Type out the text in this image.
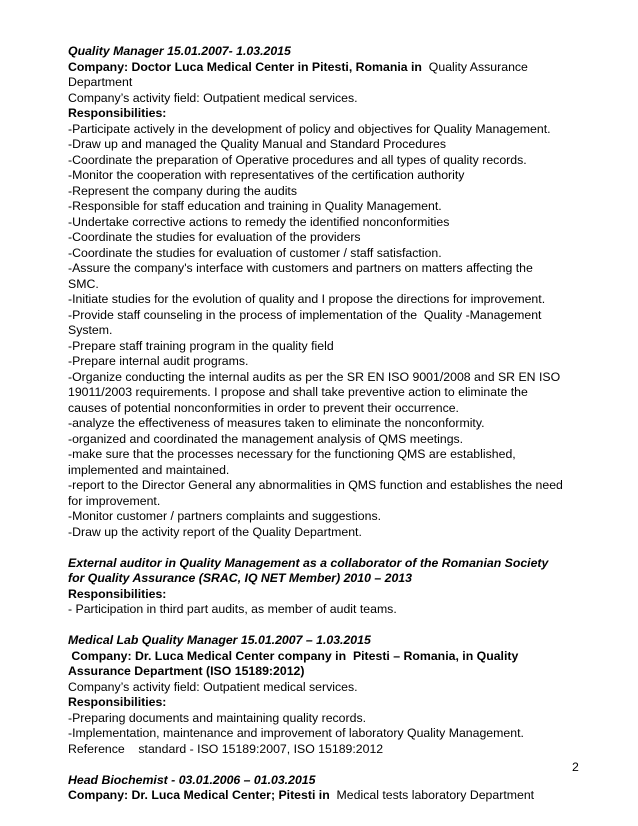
Quality Manager 15.01.2007- 1.03.2015
Company: Doctor Luca Medical Center in Pitesti, Romania in  Quality Assurance
Department
Company’s activity field: Outpatient medical services.
Responsibilities:
-Participate actively in the development of policy and objectives for Quality Management.
-Draw up and managed the Quality Manual and Standard Procedures
-Coordinate the preparation of Operative procedures and all types of quality records.
-Monitor the cooperation with representatives of the certification authority
-Represent the company during the audits
-Responsible for staff education and training in Quality Management.
-Undertake corrective actions to remedy the identified nonconformities
-Coordinate the studies for evaluation of the providers
-Coordinate the studies for evaluation of customer / staff satisfaction.
-Assure the company's interface with customers and partners on matters affecting the
SMC.
-Initiate studies for the evolution of quality and I propose the directions for improvement.
-Provide staff counseling in the process of implementation of the  Quality -Management
System.
-Prepare staff training program in the quality field
-Prepare internal audit programs.
-Organize conducting the internal audits as per the SR EN ISO 9001/2008 and SR EN ISO
19011/2003 requirements. I propose and shall take preventive action to eliminate the
causes of potential nonconformities in order to prevent their occurrence.
-analyze the effectiveness of measures taken to eliminate the nonconformity.
-organized and coordinated the management analysis of QMS meetings.
-make sure that the processes necessary for the functioning QMS are established,
implemented and maintained.
-report to the Director General any abnormalities in QMS function and establishes the need
for improvement.
-Monitor customer / partners complaints and suggestions.
-Draw up the activity report of the Quality Department.
External auditor in Quality Management as a collaborator of the Romanian Society
for Quality Assurance (SRAC, IQ NET Member) 2010 – 2013
Responsibilities:
- Participation in third part audits, as member of audit teams.
Medical Lab Quality Manager 15.01.2007 – 1.03.2015
Company: Dr. Luca Medical Center company in  Pitesti – Romania, in Quality
Assurance Department (ISO 15189:2012)
Company’s activity field: Outpatient medical services.
Responsibilities:
-Preparing documents and maintaining quality records.
-Implementation, maintenance and improvement of laboratory Quality Management.
Reference    standard - ISO 15189:2007, ISO 15189:2012
Head Biochemist - 03.01.2006 – 01.03.2015
Company: Dr. Luca Medical Center; Pitesti in  Medical tests laboratory Department
2
